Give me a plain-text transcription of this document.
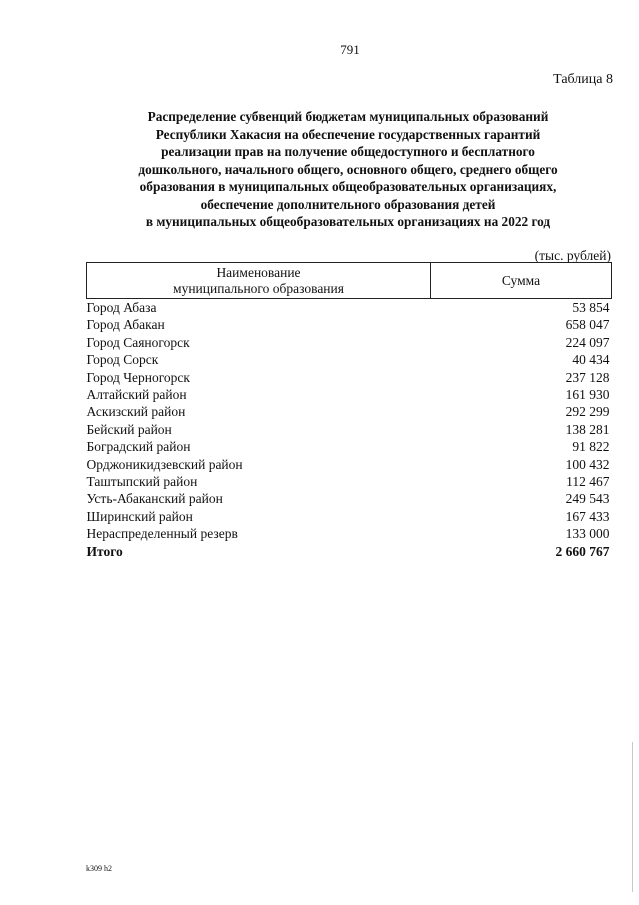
791
Таблица 8
Распределение субвенций бюджетам муниципальных образований
Республики Хакасия на обеспечение государственных гарантий
реализации прав на получение общедоступного и бесплатного
дошкольного, начального общего, основного общего, среднего общего
образования в муниципальных общеобразовательных организациях,
обеспечение дополнительного образования детей
в муниципальных общеобразовательных организациях на 2022 год
(тыс. рублей)
Наименование
муниципального образования	Сумма
Город Абаза	53 854
Город Абакан	658 047
Город Саяногорск	224 097
Город Сорск	40 434
Город Черногорск	237 128
Алтайский район	161 930
Аскизский район	292 299
Бейский район	138 281
Боградский район	91 822
Орджоникидзевский район	100 432
Таштыпский район	112 467
Усть-Абаканский район	249 543
Ширинский район	167 433
Нераспределенный резерв	133 000
Итого	2 660 767
k309 h2
